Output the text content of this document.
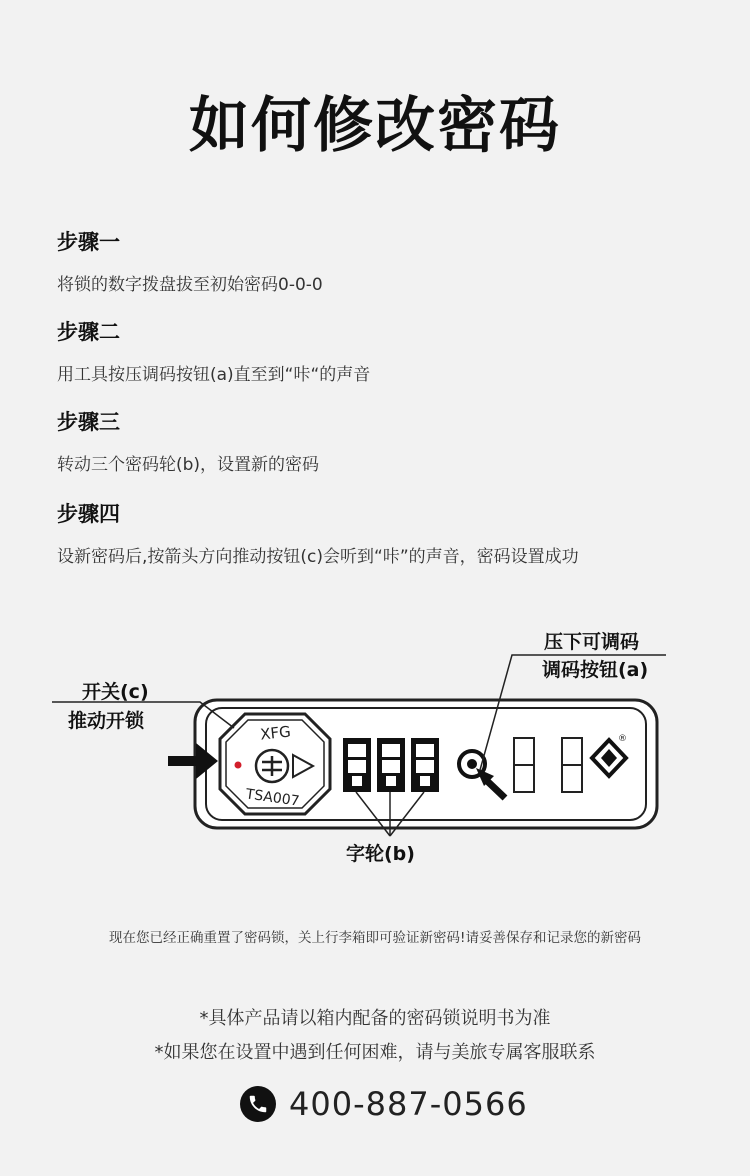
如何修改密码
步骤一
将锁的数字拨盘拔至初始密码0-0-0
步骤二
用工具按压调码按钮(a)直至到“咔“的声音
步骤三
转动三个密码轮(b)，设置新的密码
步骤四
设新密码后,按箭头方向推动按钮(c)会听到“咔”的声音，密码设置成功
XFG
TSA007
®
压下可调码
调码按钮(a)
开关(c)
推动开锁
字轮(b)
现在您已经正确重置了密码锁，关上行李箱即可验证新密码!请妥善保存和记录您的新密码
*具体产品请以箱内配备的密码锁说明书为准
*如果您在设置中遇到任何困难，请与美旅专属客服联系
400-887-0566
